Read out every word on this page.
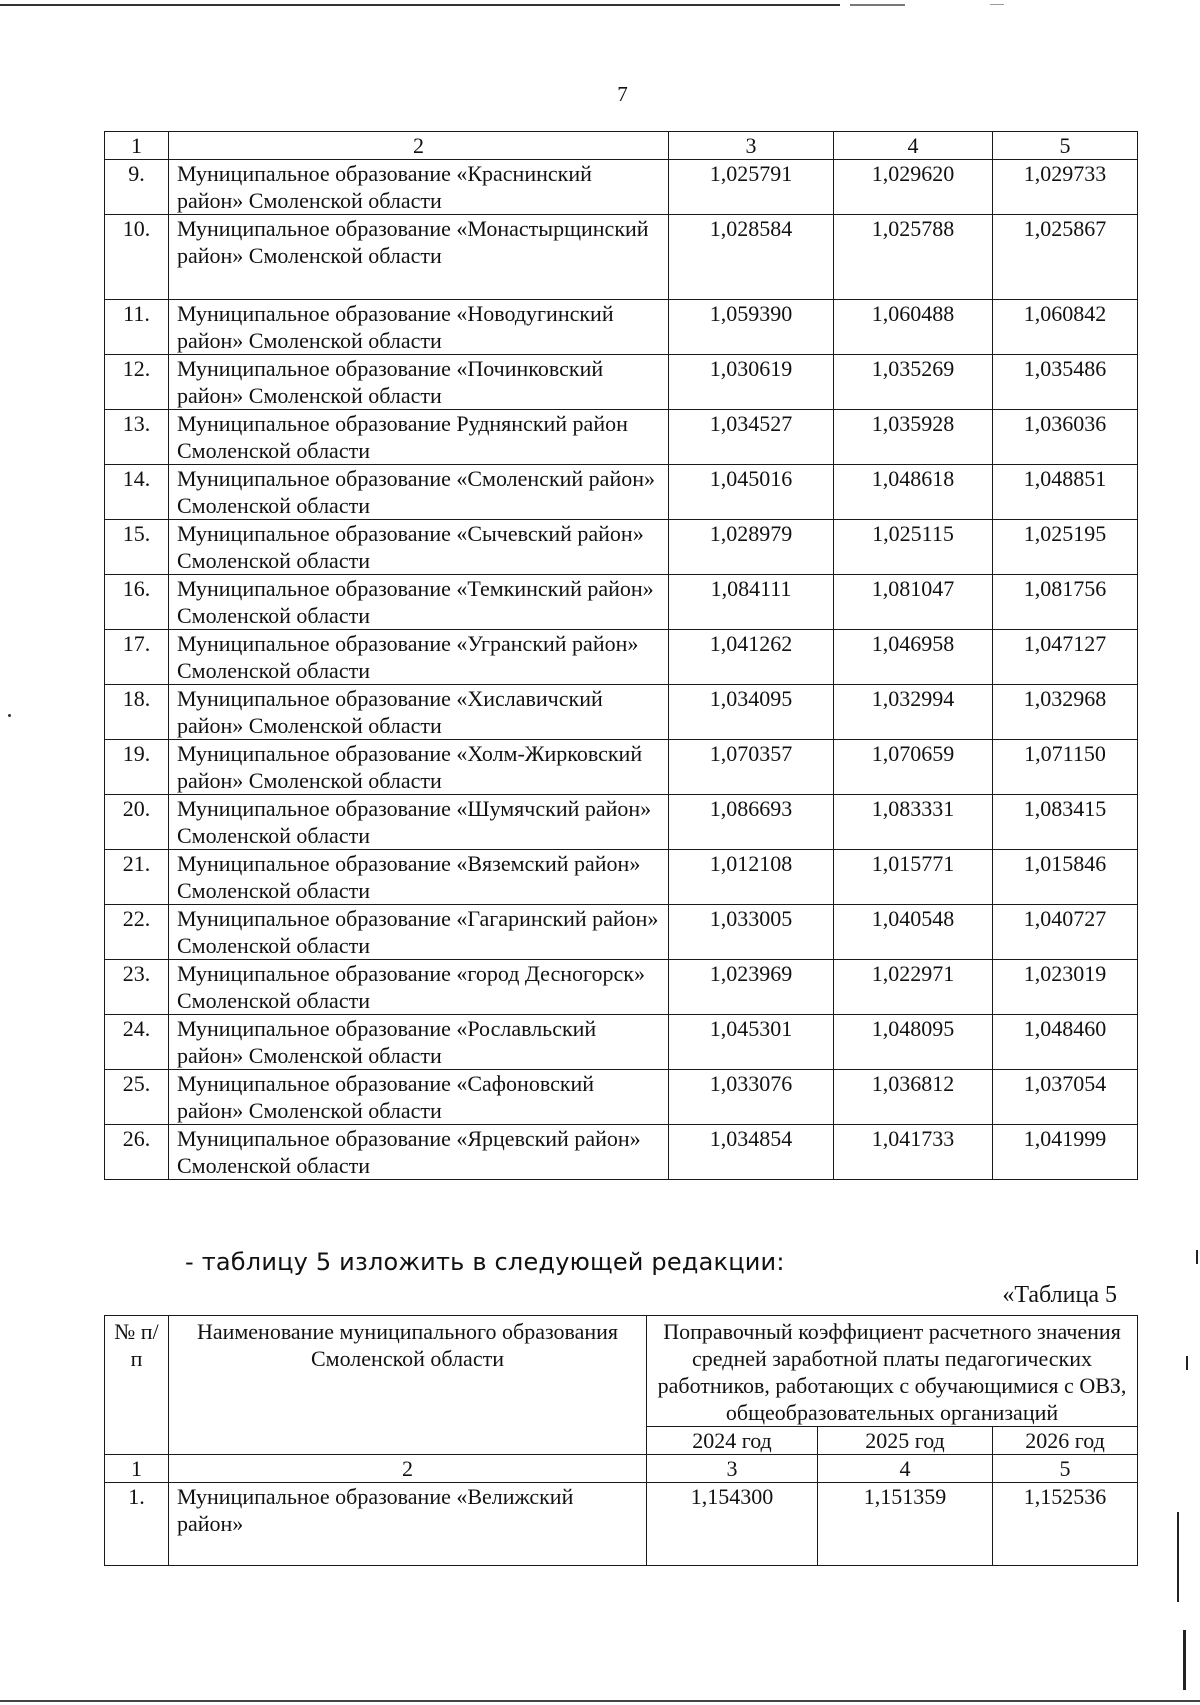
7
1	2	3	4	5
9.	Муниципальное образование «Краснинский район» Смоленской области	1,025791	1,029620	1,029733
10.	Муниципальное образование «Монастырщинский район» Смоленской области	1,028584	1,025788	1,025867
11.	Муниципальное образование «Новодугинский район» Смоленской области	1,059390	1,060488	1,060842
12.	Муниципальное образование «Починковский район» Смоленской области	1,030619	1,035269	1,035486
13.	Муниципальное образование Руднянский район Смоленской области	1,034527	1,035928	1,036036
14.	Муниципальное образование «Смоленский район» Смоленской области	1,045016	1,048618	1,048851
15.	Муниципальное образование «Сычевский район» Смоленской области	1,028979	1,025115	1,025195
16.	Муниципальное образование «Темкинский район» Смоленской области	1,084111	1,081047	1,081756
17.	Муниципальное образование «Угранский район» Смоленской области	1,041262	1,046958	1,047127
18.	Муниципальное образование «Хиславичский район» Смоленской области	1,034095	1,032994	1,032968
19.	Муниципальное образование «Холм-Жирковский район» Смоленской области	1,070357	1,070659	1,071150
20.	Муниципальное образование «Шумячский район» Смоленской области	1,086693	1,083331	1,083415
21.	Муниципальное образование «Вяземский район» Смоленской области	1,012108	1,015771	1,015846
22.	Муниципальное образование «Гагаринский район» Смоленской области	1,033005	1,040548	1,040727
23.	Муниципальное образование «город Десногорск» Смоленской области	1,023969	1,022971	1,023019
24.	Муниципальное образование «Рославльский район» Смоленской области	1,045301	1,048095	1,048460
25.	Муниципальное образование «Сафоновский район» Смоленской области	1,033076	1,036812	1,037054
26.	Муниципальное образование «Ярцевский район» Смоленской области	1,034854	1,041733	1,041999
- таблицу 5 изложить в следующей редакции:
«Таблица 5
№ п/п	Наименование муниципального образования Смоленской области	Поправочный коэффициент расчетного значения средней заработной платы педагогических работников, работающих с обучающимися с ОВЗ, общеобразовательных организаций		
		2024 год	2025 год	2026 год
1	2	3	4	5
1.	Муниципальное образование «Велижский район»	1,154300	1,151359	1,152536
